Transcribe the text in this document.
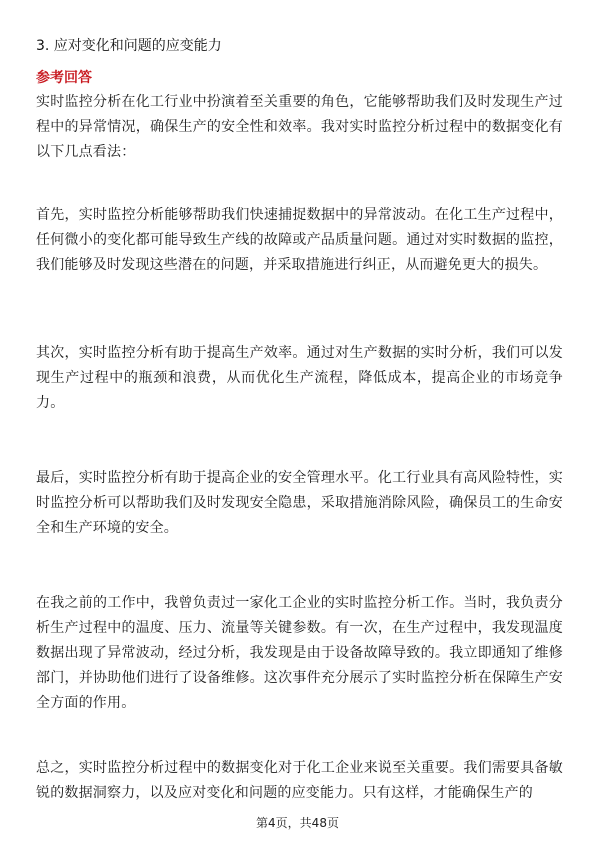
3. 应对变化和问题的应变能力
参考回答

实时监控分析在化工行业中扮演着至关重要的角色，它能够帮助我们及时发现生产过程中的异常情况，确保生产的安全性和效率。我对实时监控分析过程中的数据变化有以下几点看法：

首先，实时监控分析能够帮助我们快速捕捉数据中的异常波动。在化工生产过程中，任何微小的变化都可能导致生产线的故障或产品质量问题。通过对实时数据的监控，我们能够及时发现这些潜在的问题，并采取措施进行纠正，从而避免更大的损失。

其次，实时监控分析有助于提高生产效率。通过对生产数据的实时分析，我们可以发现生产过程中的瓶颈和浪费，从而优化生产流程，降低成本，提高企业的市场竞争力。

最后，实时监控分析有助于提高企业的安全管理水平。化工行业具有高风险特性，实时监控分析可以帮助我们及时发现安全隐患，采取措施消除风险，确保员工的生命安全和生产环境的安全。

在我之前的工作中，我曾负责过一家化工企业的实时监控分析工作。当时，我负责分析生产过程中的温度、压力、流量等关键参数。有一次，在生产过程中，我发现温度数据出现了异常波动，经过分析，我发现是由于设备故障导致的。我立即通知了维修部门，并协助他们进行了设备维修。这次事件充分展示了实时监控分析在保障生产安全方面的作用。

总之，实时监控分析过程中的数据变化对于化工企业来说至关重要。我们需要具备敏锐的数据洞察力，以及应对变化和问题的应变能力。只有这样，才能确保生产的

第4页，共48页
